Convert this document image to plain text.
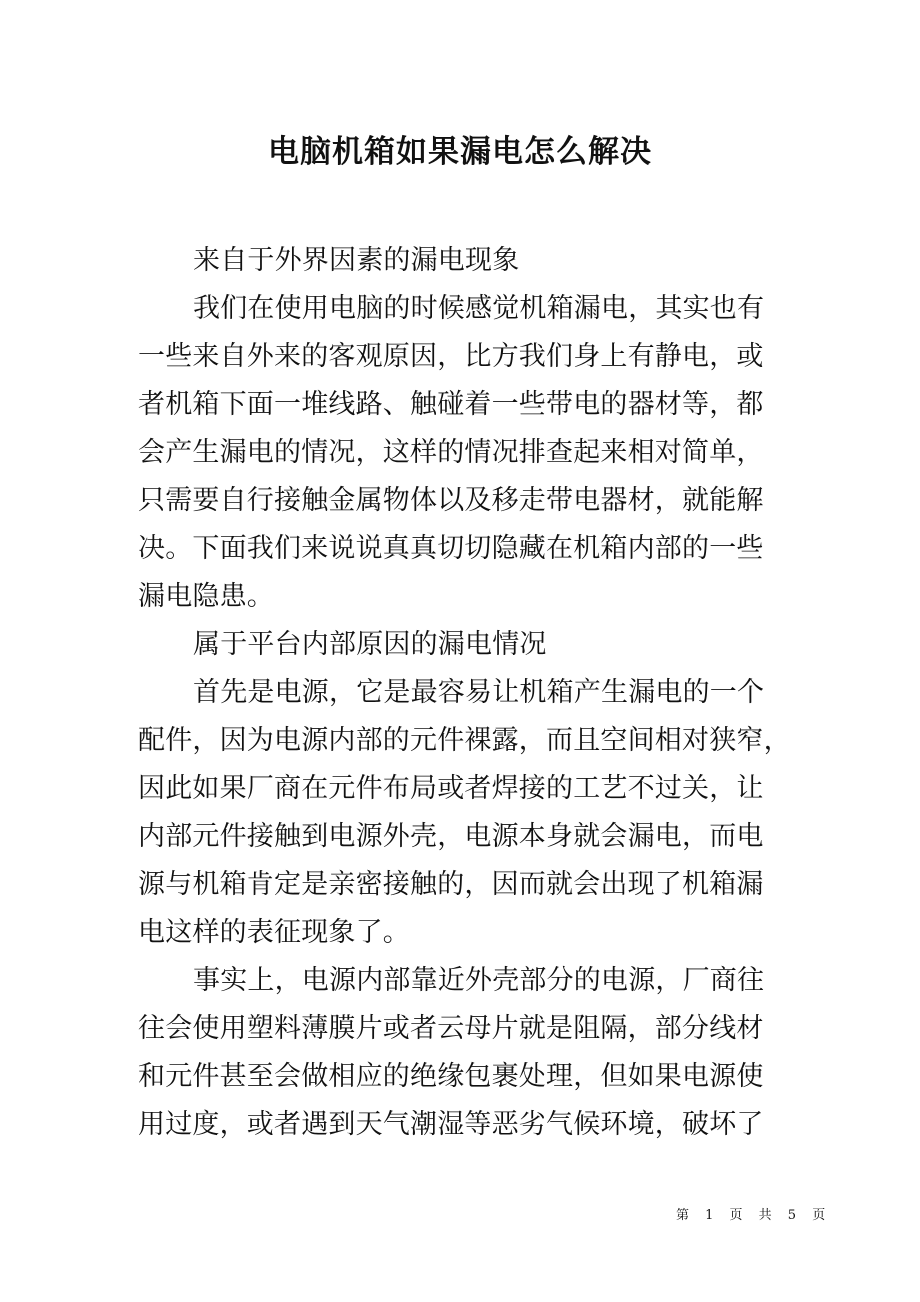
电脑机箱如果漏电怎么解决
来自于外界因素的漏电现象
我们在使用电脑的时候感觉机箱漏电，其实也有
一些来自外来的客观原因，比方我们身上有静电，或
者机箱下面一堆线路、触碰着一些带电的器材等，都
会产生漏电的情况，这样的情况排查起来相对简单，
只需要自行接触金属物体以及移走带电器材，就能解
决。下面我们来说说真真切切隐藏在机箱内部的一些
漏电隐患。
属于平台内部原因的漏电情况
首先是电源，它是最容易让机箱产生漏电的一个
配件，因为电源内部的元件裸露，而且空间相对狭窄，
因此如果厂商在元件布局或者焊接的工艺不过关，让
内部元件接触到电源外壳，电源本身就会漏电，而电
源与机箱肯定是亲密接触的，因而就会出现了机箱漏
电这样的表征现象了。
事实上，电源内部靠近外壳部分的电源，厂商往
往会使用塑料薄膜片或者云母片就是阻隔，部分线材
和元件甚至会做相应的绝缘包裹处理，但如果电源使
用过度，或者遇到天气潮湿等恶劣气候环境，破坏了
第 1 页 共 5 页
